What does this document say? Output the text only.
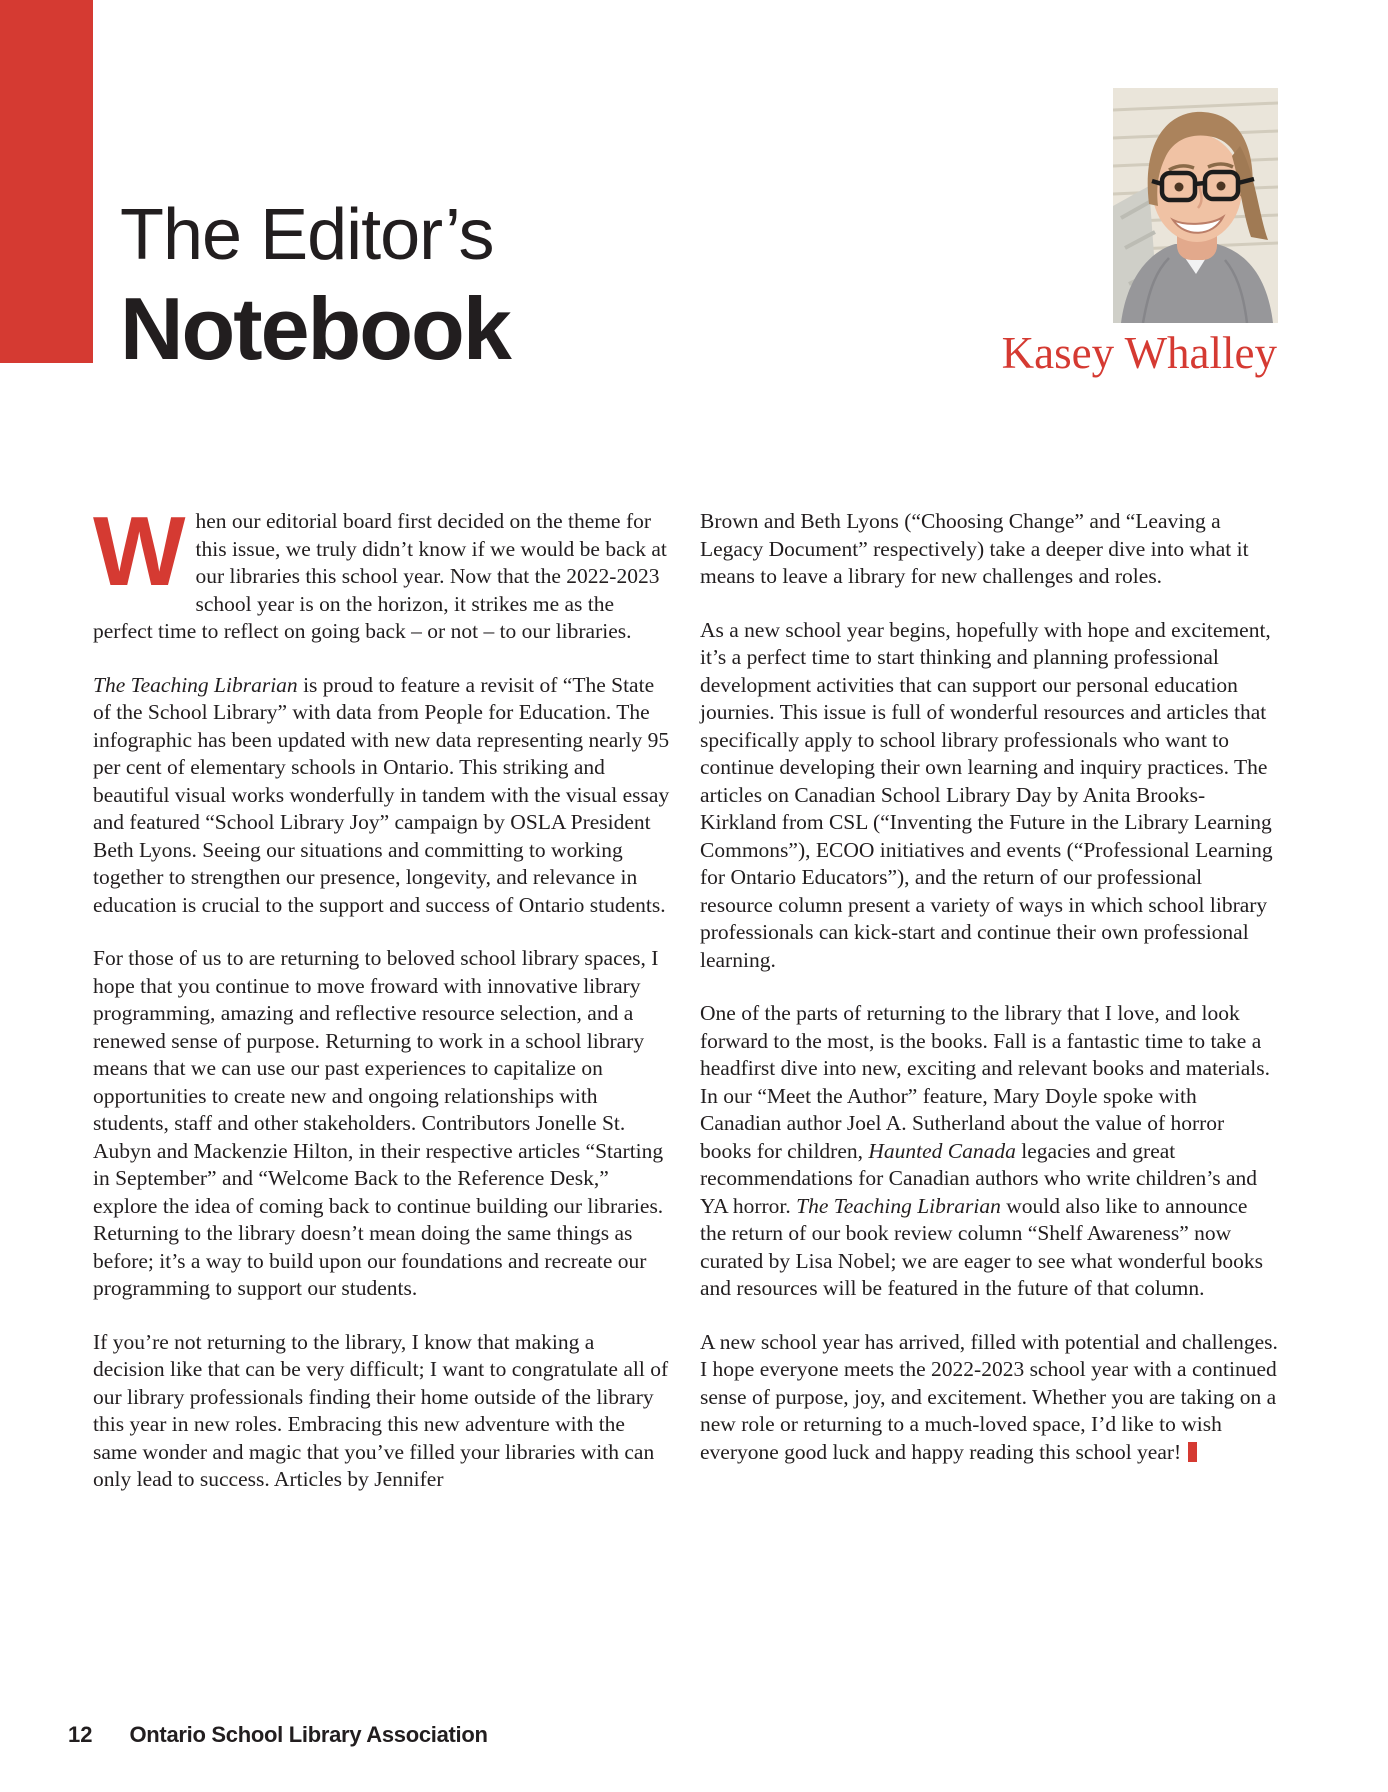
The Editor’s
Notebook	Kasey Whalley

When our editorial board first decided on the theme for this issue, we truly didn’t know if we would be back at our libraries this school year. Now that the 2022-2023 school year is on the horizon, it strikes me as the perfect time to reflect on going back – or not – to our libraries.

The Teaching Librarian is proud to feature a revisit of “The State of the School Library” with data from People for Education. The infographic has been updated with new data representing nearly 95 per cent of elementary schools in Ontario. This striking and beautiful visual works wonderfully in tandem with the visual essay and featured “School Library Joy” campaign by OSLA President Beth Lyons. Seeing our situations and committing to working together to strengthen our presence, longevity, and relevance in education is crucial to the support and success of Ontario students.

For those of us to are returning to beloved school library spaces, I hope that you continue to move froward with innovative library programming, amazing and reflective resource selection, and a renewed sense of purpose. Returning to work in a school library means that we can use our past experiences to capitalize on opportunities to create new and ongoing relationships with students, staff and other stakeholders. Contributors Jonelle St. Aubyn and Mackenzie Hilton, in their respective articles “Starting in September” and “Welcome Back to the Reference Desk,” explore the idea of coming back to continue building our libraries. Returning to the library doesn’t mean doing the same things as before; it’s a way to build upon our foundations and recreate our programming to support our students.

If you’re not returning to the library, I know that making a decision like that can be very difficult; I want to congratulate all of our library professionals finding their home outside of the library this year in new roles. Embracing this new adventure with the same wonder and magic that you’ve filled your libraries with can only lead to success. Articles by Jennifer

Brown and Beth Lyons (“Choosing Change” and “Leaving a Legacy Document” respectively) take a deeper dive into what it means to leave a library for new challenges and roles.

As a new school year begins, hopefully with hope and excitement, it’s a perfect time to start thinking and planning professional development activities that can support our personal education journies. This issue is full of wonderful resources and articles that specifically apply to school library professionals who want to continue developing their own learning and inquiry practices. The articles on Canadian School Library Day by Anita Brooks-Kirkland from CSL (“Inventing the Future in the Library Learning Commons”), ECOO initiatives and events (“Professional Learning for Ontario Educators”), and the return of our professional resource column present a variety of ways in which school library professionals can kick-start and continue their own professional learning.

One of the parts of returning to the library that I love, and look forward to the most, is the books. Fall is a fantastic time to take a headfirst dive into new, exciting and relevant books and materials. In our “Meet the Author” feature, Mary Doyle spoke with Canadian author Joel A. Sutherland about the value of horror books for children, Haunted Canada legacies and great recommendations for Canadian authors who write children’s and YA horror. The Teaching Librarian would also like to announce the return of our book review column “Shelf Awareness” now curated by Lisa Nobel; we are eager to see what wonderful books and resources will be featured in the future of that column.

A new school year has arrived, filled with potential and challenges. I hope everyone meets the 2022-2023 school year with a continued sense of purpose, joy, and excitement. Whether you are taking on a new role or returning to a much-loved space, I’d like to wish everyone good luck and happy reading this school year!

12 Ontario School Library Association
